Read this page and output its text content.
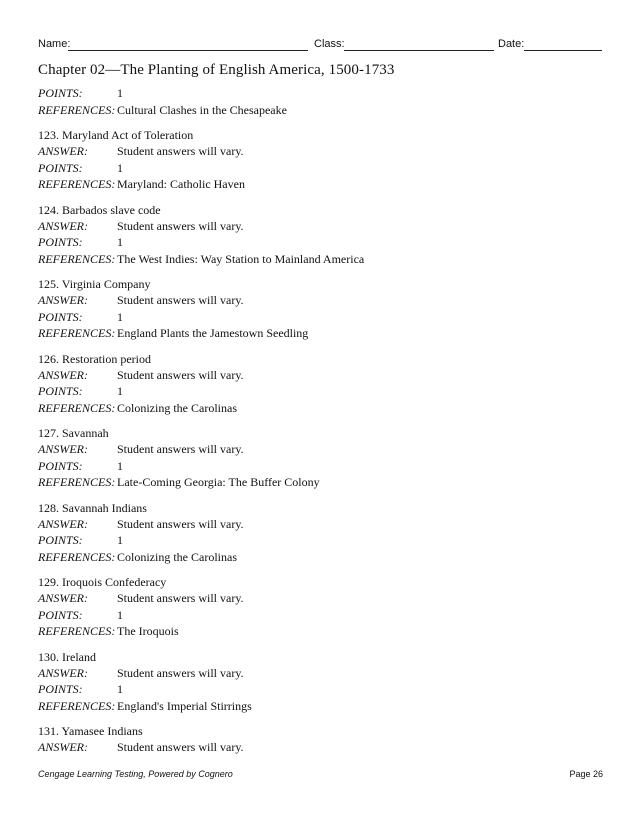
Name:	Class:	Date:
Chapter 02—The Planting of English America, 1500-1733
POINTS:	1
REFERENCES: Cultural Clashes in the Chesapeake
123. Maryland Act of Toleration
ANSWER: Student answers will vary.
POINTS:	1
REFERENCES: Maryland: Catholic Haven
124. Barbados slave code
ANSWER: Student answers will vary.
POINTS:	1
REFERENCES: The West Indies: Way Station to Mainland America
125. Virginia Company
ANSWER: Student answers will vary.
POINTS:	1
REFERENCES: England Plants the Jamestown Seedling
126. Restoration period
ANSWER: Student answers will vary.
POINTS:	1
REFERENCES: Colonizing the Carolinas
127. Savannah
ANSWER: Student answers will vary.
POINTS:	1
REFERENCES: Late-Coming Georgia: The Buffer Colony
128. Savannah Indians
ANSWER: Student answers will vary.
POINTS:	1
REFERENCES: Colonizing the Carolinas
129. Iroquois Confederacy
ANSWER: Student answers will vary.
POINTS:	1
REFERENCES: The Iroquois
130. Ireland
ANSWER: Student answers will vary.
POINTS:	1
REFERENCES: England's Imperial Stirrings
131. Yamasee Indians
ANSWER: Student answers will vary.
Cengage Learning Testing, Powered by Cognero	Page 26
